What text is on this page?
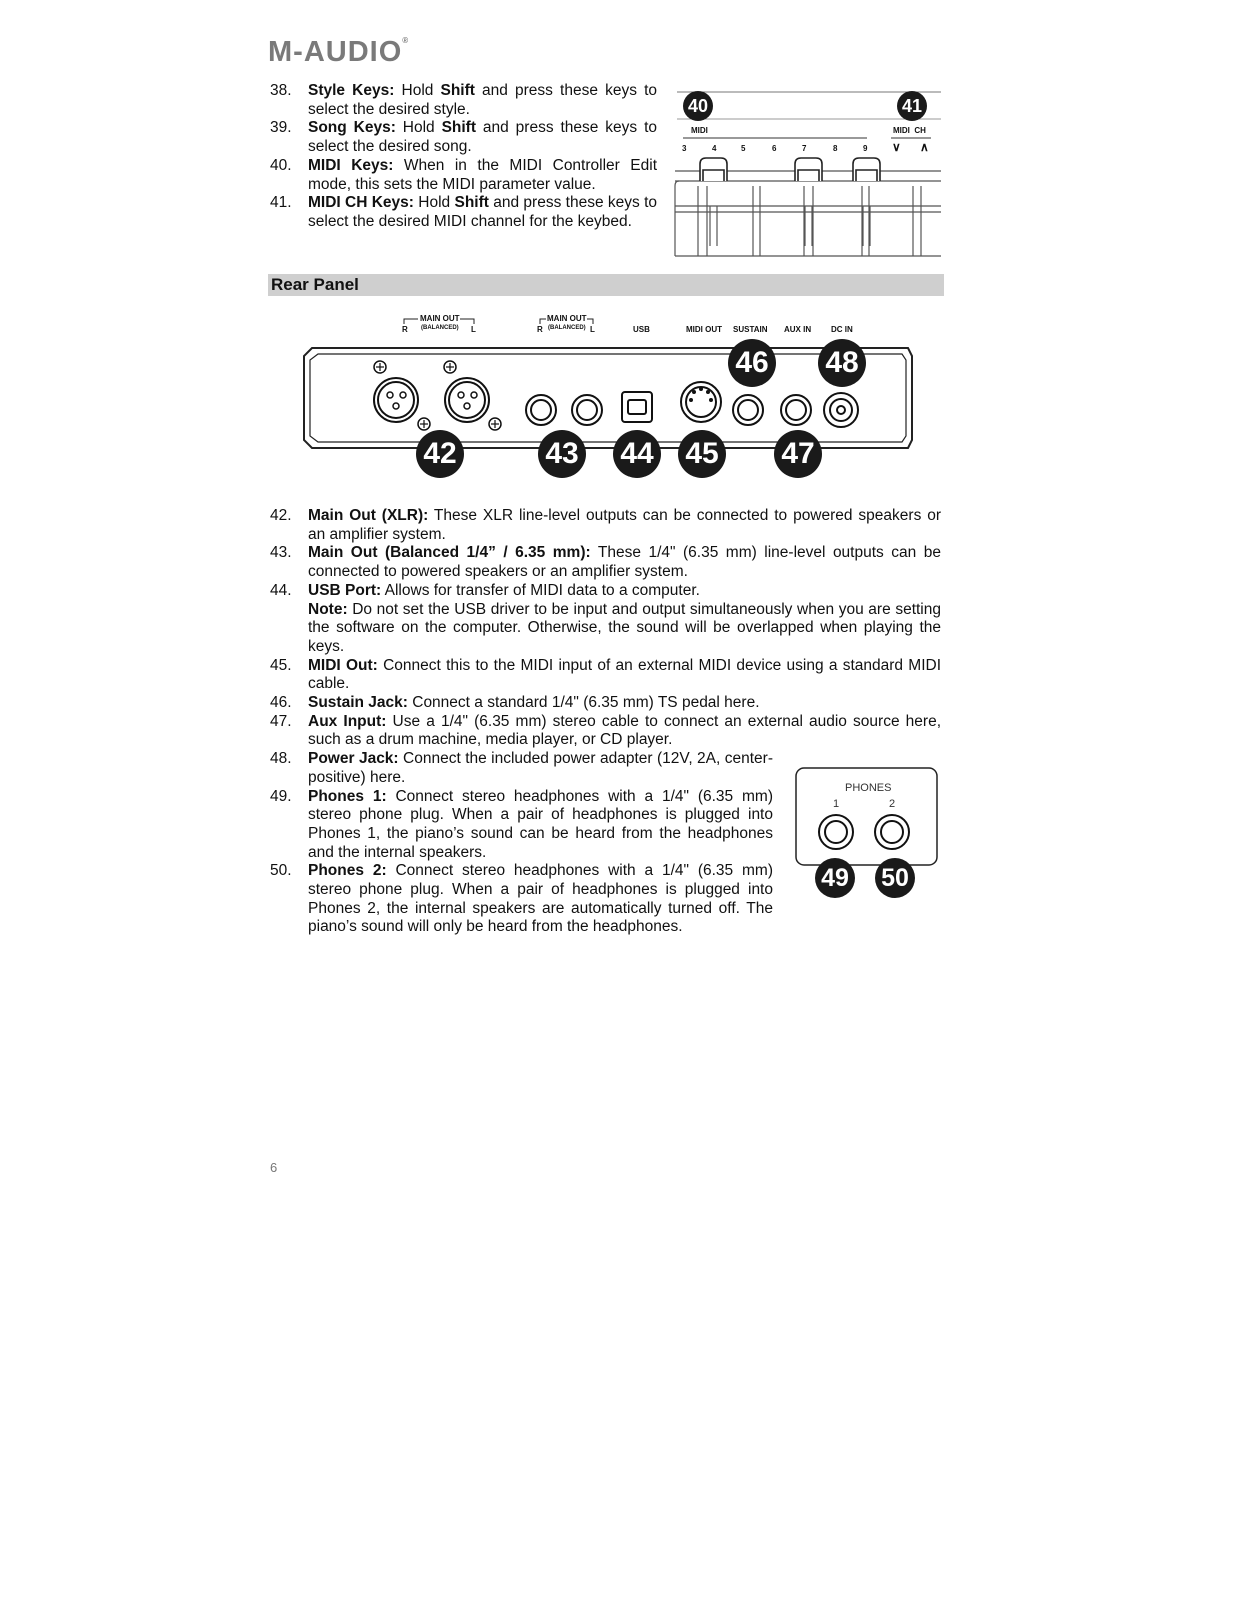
M-AUDIO®
38. Style Keys: Hold Shift and press these keys to select the desired style.
39. Song Keys: Hold Shift and press these keys to select the desired song.
40. MIDI Keys: When in the MIDI Controller Edit mode, this sets the MIDI parameter value.
41. MIDI CH Keys: Hold Shift and press these keys to select the desired MIDI channel for the keybed.
40	41
MIDI	MIDI  CH
3	4	5	6	7	8	9 ∨ ∧
Rear Panel
MAIN OUT
R (BALANCED) L
MAIN OUT
R (BALANCED) L	USB	MIDI OUT SUSTAIN AUX IN DC IN
46 48
42	43 44 45 47
42. Main Out (XLR): These XLR line-level outputs can be connected to powered speakers or an amplifier system.
43. Main Out (Balanced 1/4” / 6.35 mm): These 1/4" (6.35 mm) line-level outputs can be connected to powered speakers or an amplifier system.
44. USB Port: Allows for transfer of MIDI data to a computer.
Note: Do not set the USB driver to be input and output simultaneously when you are setting the software on the computer. Otherwise, the sound will be overlapped when playing the keys.
45. MIDI Out: Connect this to the MIDI input of an external MIDI device using a standard MIDI cable.
46. Sustain Jack: Connect a standard 1/4" (6.35 mm) TS pedal here.
47. Aux Input: Use a 1/4" (6.35 mm) stereo cable to connect an external audio source here, such as a drum machine, media player, or CD player.
48. Power Jack: Connect the included power adapter (12V, 2A, center-positive) here.
49. Phones 1: Connect stereo headphones with a 1/4" (6.35 mm) stereo phone plug. When a pair of headphones is plugged into Phones 1, the piano’s sound can be heard from the headphones and the internal speakers.
50. Phones 2: Connect stereo headphones with a 1/4" (6.35 mm) stereo phone plug. When a pair of headphones is plugged into Phones 2, the internal speakers are automatically turned off. The piano’s sound will only be heard from the headphones.
PHONES
1	2
49 50
6
